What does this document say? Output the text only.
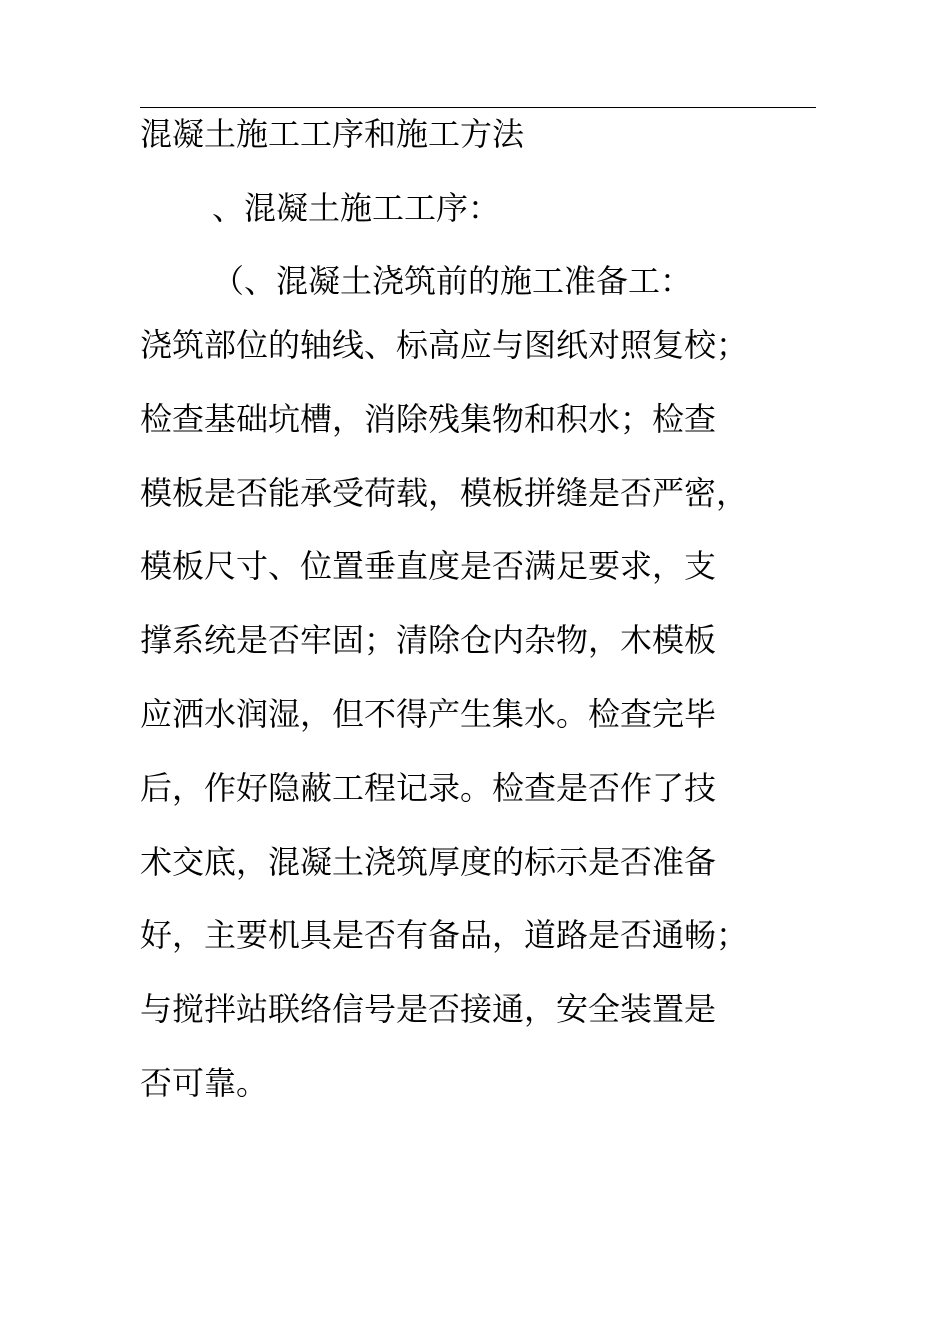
混凝土施工工序和施工方法
、混凝土施工工序：
（、混凝土浇筑前的施工准备工：
浇筑部位的轴线、标高应与图纸对照复校；
检查基础坑槽，消除残集物和积水；检查
模板是否能承受荷载，模板拼缝是否严密，
模板尺寸、位置垂直度是否满足要求，支
撑系统是否牢固；清除仓内杂物，木模板
应洒水润湿，但不得产生集水。检查完毕
后，作好隐蔽工程记录。检查是否作了技
术交底，混凝土浇筑厚度的标示是否准备
好，主要机具是否有备品，道路是否通畅；
与搅拌站联络信号是否接通，安全装置是
否可靠。
